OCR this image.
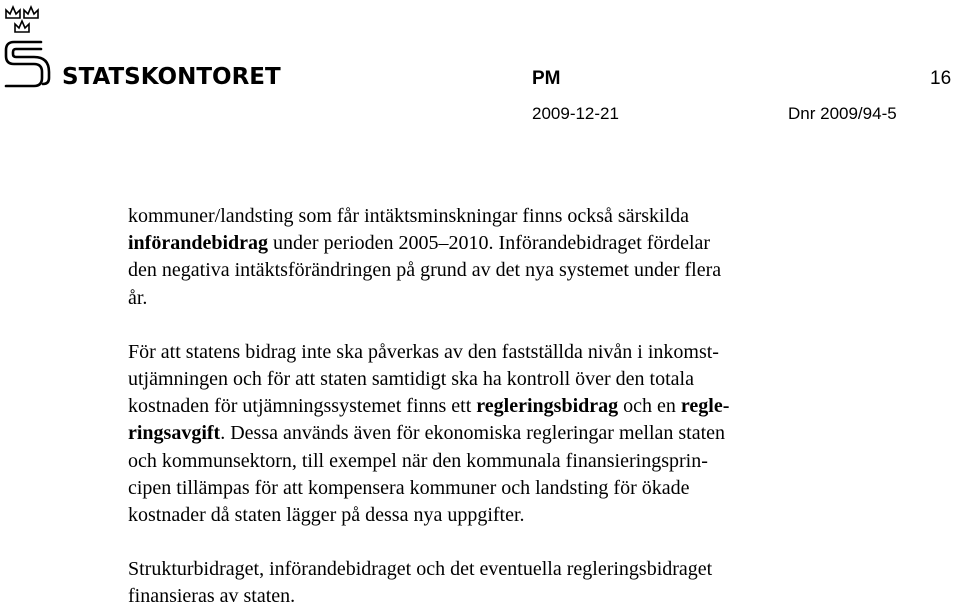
STATSKONTORET	PM	16
2009-12-21	Dnr 2009/94-5

kommuner/landsting som får intäktsminskningar finns också särskilda
införandebidrag under perioden 2005–2010. Införandebidraget fördelar
den negativa intäktsförändringen på grund av det nya systemet under flera
år.

För att statens bidrag inte ska påverkas av den fastställda nivån i inkomst-
utjämningen och för att staten samtidigt ska ha kontroll över den totala
kostnaden för utjämningssystemet finns ett regleringsbidrag och en regle-
ringsavgift. Dessa används även för ekonomiska regleringar mellan staten
och kommunsektorn, till exempel när den kommunala finansieringsprin-
cipen tillämpas för att kompensera kommuner och landsting för ökade
kostnader då staten lägger på dessa nya uppgifter.

Strukturbidraget, införandebidraget och det eventuella regleringsbidraget
finansieras av staten.
